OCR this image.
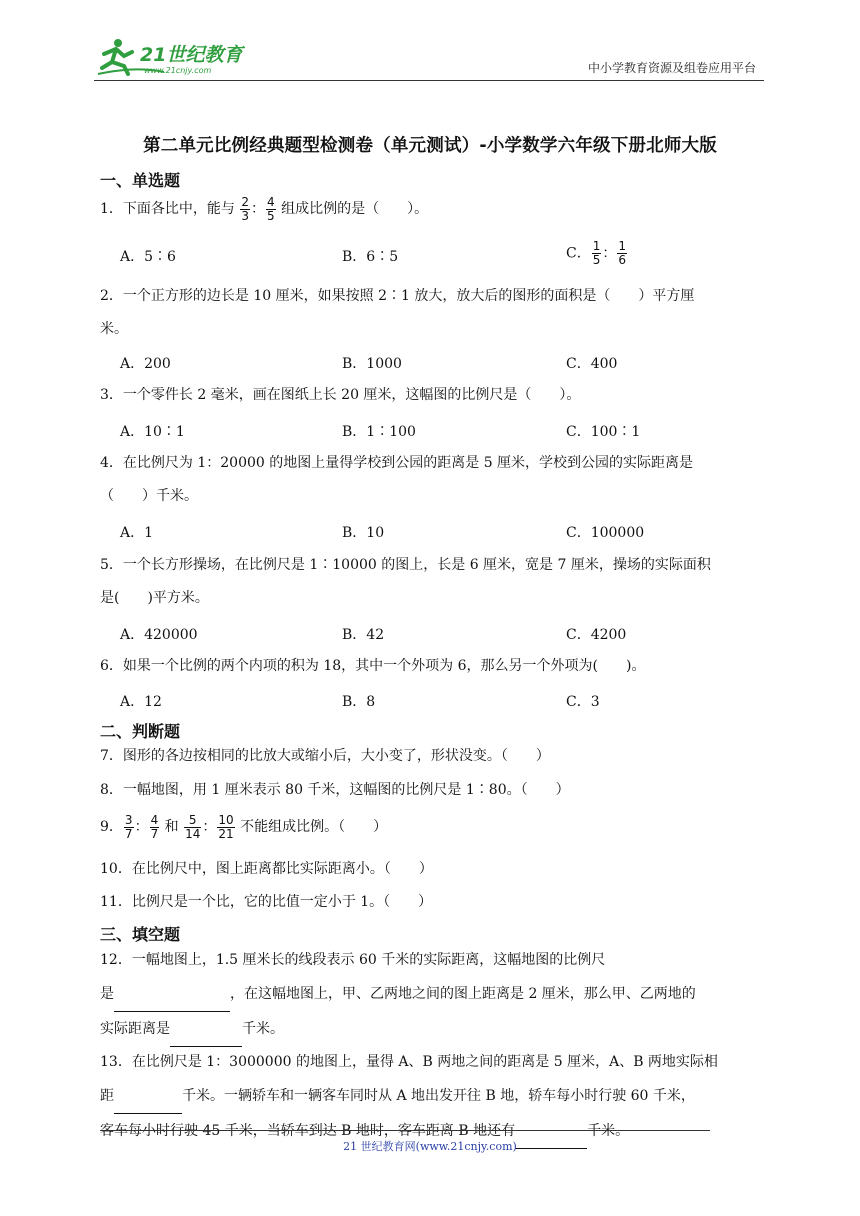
21世纪教育
www.21cnjy.com	中小学教育资源及组卷应用平台
第二单元比例经典题型检测卷（单元测试）-小学数学六年级下册北师大版
一、单选题
1．下面各比中，能与 $\frac{2}{3}$ ： $\frac{4}{5}$ 组成比例的是（　　）。
A．5∶6	B．6∶5	C． $\frac{1}{5}$ ： $\frac{1}{6}$
2．一个正方形的边长是 10 厘米，如果按照 2∶1 放大，放大后的图形的面积是（　　）平方厘
米。
A．200	B．1000	C．400
3．一个零件长 2 毫米，画在图纸上长 20 厘米，这幅图的比例尺是（　　）。
A．10∶1	B．1∶100	C．100∶1
4．在比例尺为 1：20000 的地图上量得学校到公园的距离是 5 厘米，学校到公园的实际距离是
（　　）千米。
A．1	B．10	C．100000
5．一个长方形操场，在比例尺是 1∶10000 的图上，长是 6 厘米，宽是 7 厘米，操场的实际面积
是(　　)平方米。
A．420000	B．42	C．4200
6．如果一个比例的两个内项的积为 18，其中一个外项为 6，那么另一个外项为(　　)。
A．12	B．8	C．3
二、判断题
7．图形的各边按相同的比放大或缩小后，大小变了，形状没变。（　　）
8．一幅地图，用 1 厘米表示 80 千米，这幅图的比例尺是 1∶80。（　　）
9． $\frac{3}{7}$ ： $\frac{4}{7}$ 和 $\frac{5}{14}$ ： $\frac{10}{21}$ 不能组成比例。（　　）
10．在比例尺中，图上距离都比实际距离小。（　　）
11．比例尺是一个比，它的比值一定小于 1。（　　）
三、填空题
12．一幅地图上，1.5 厘米长的线段表示 60 千米的实际距离，这幅地图的比例尺
是	，在这幅地图上，甲、乙两地之间的图上距离是 2 厘米，那么甲、乙两地的
实际距离是	千米。
13．在比例尺是 1：3000000 的地图上，量得 A、B 两地之间的距离是 5 厘米，A、B 两地实际相
距	千米。一辆轿车和一辆客车同时从 A 地出发开往 B 地，轿车每小时行驶 60 千米，
客车每小时行驶 45 千米，当轿车到达 B 地时，客车距离 B 地还有	千米。
21 世纪教育网(www.21cnjy.com)
